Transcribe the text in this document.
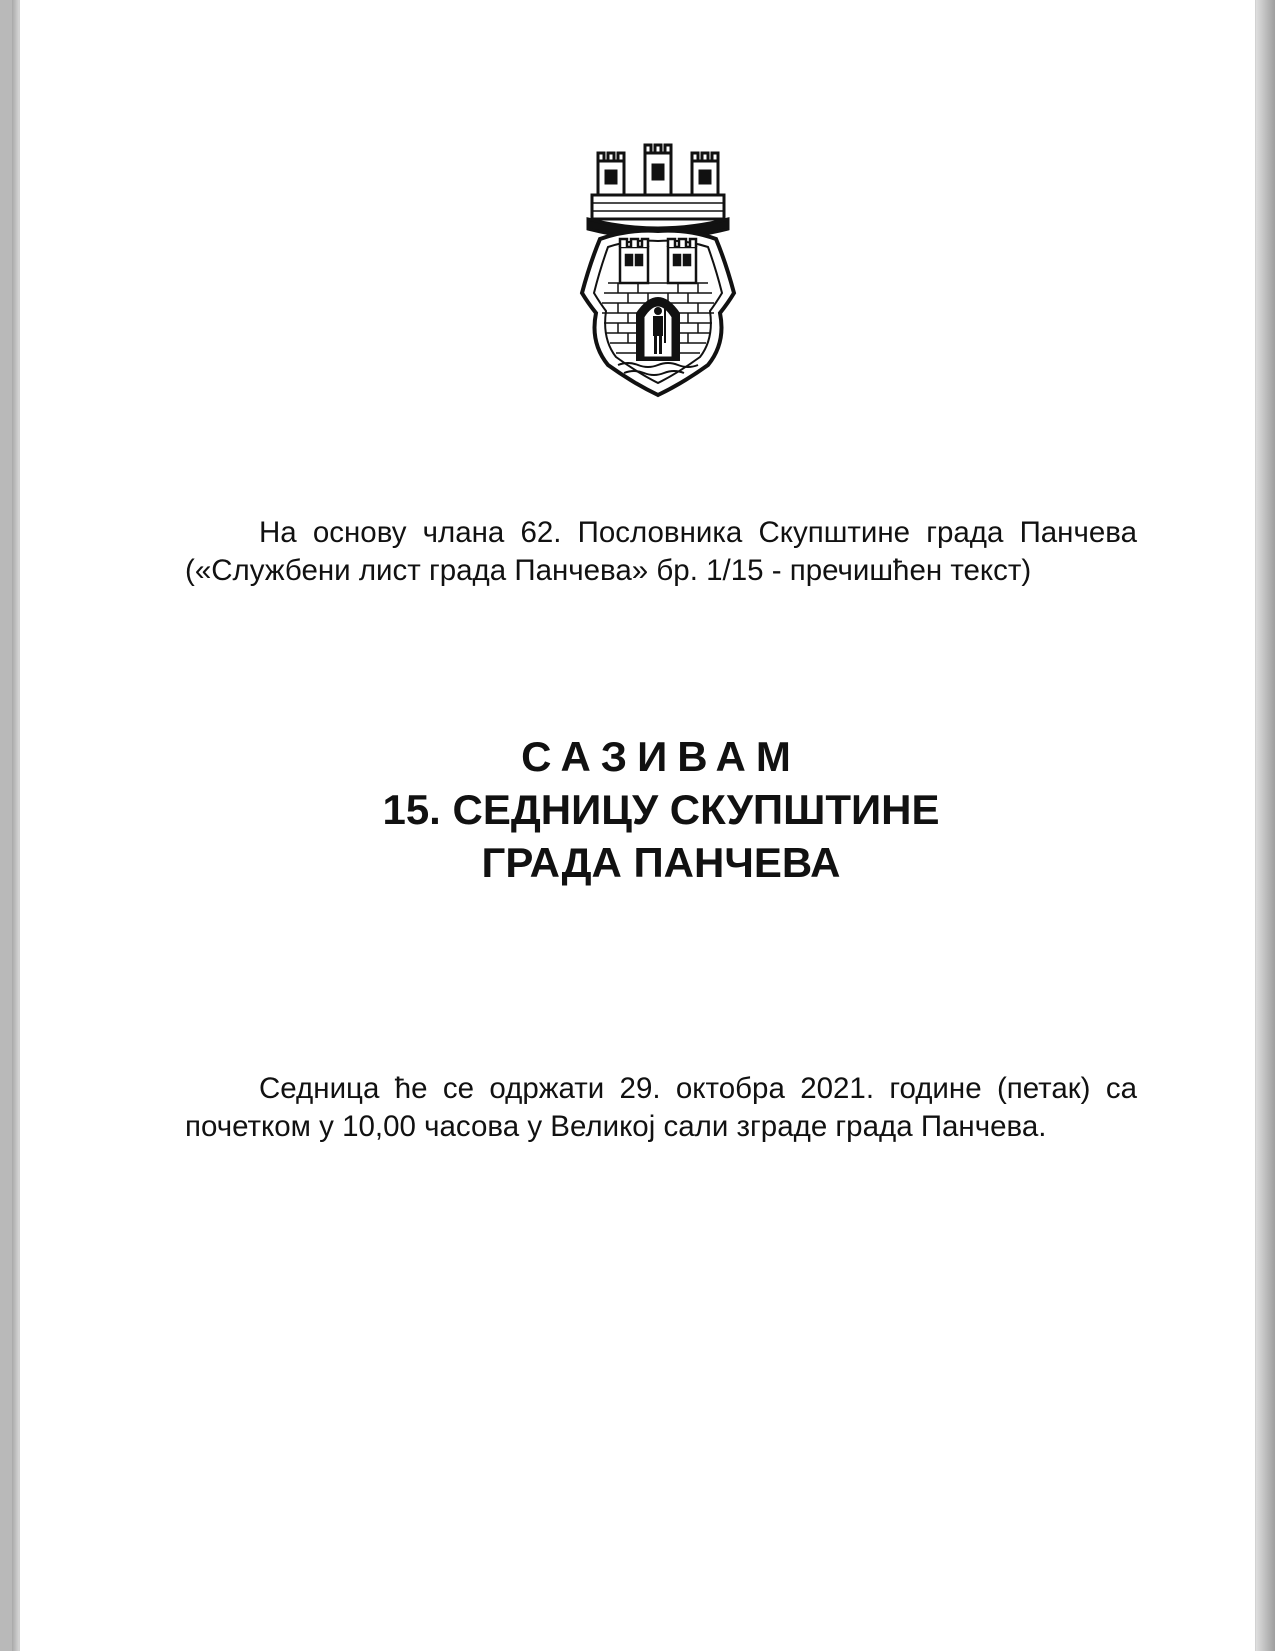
На основу члана 62. Пословника Скупштине града Панчева («Службени лист града Панчева» бр. 1/15 - пречишћен текст)

САЗИВАМ
15. СЕДНИЦУ СКУПШТИНЕ
ГРАДА ПАНЧЕВА

Седница ће се одржати 29. oктобра 2021. године (петак) са почетком у 10,00 часова у Великој сали зграде града Панчева.
